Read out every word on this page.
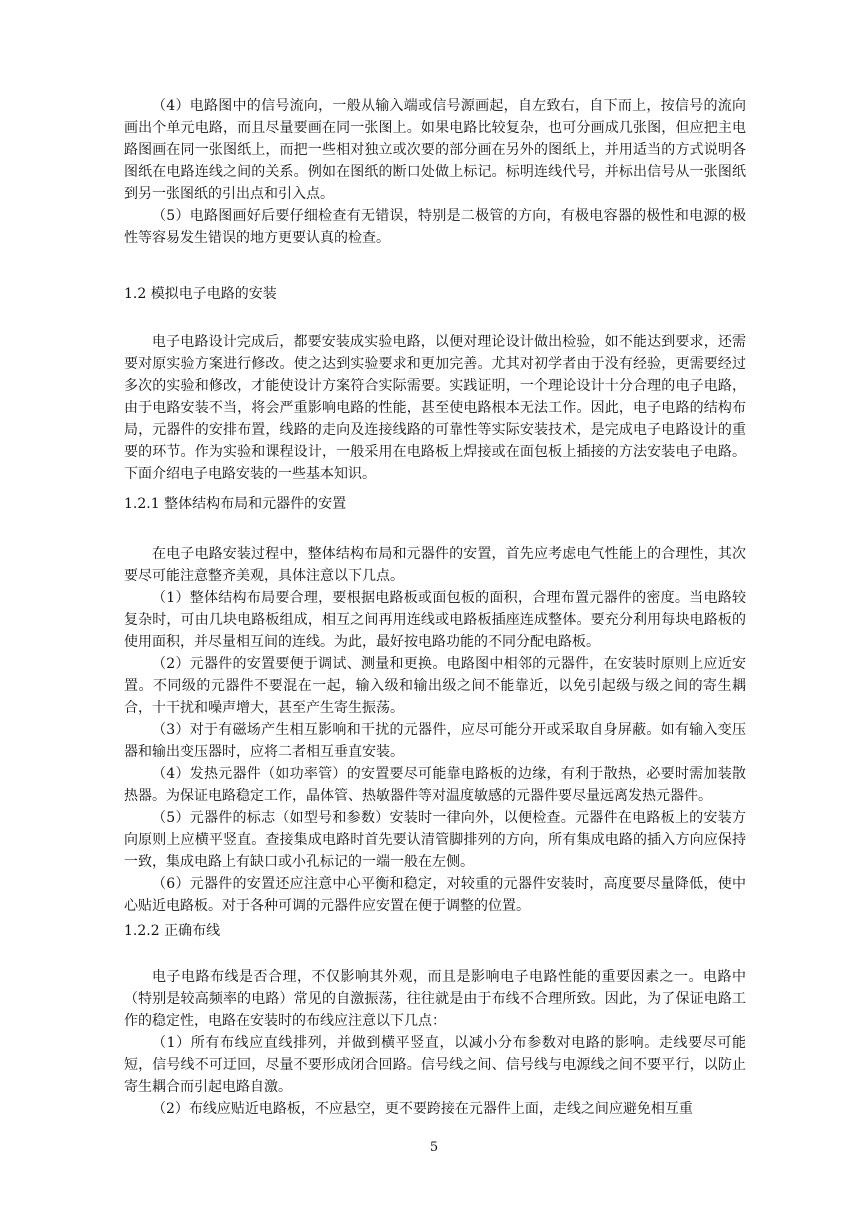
（4）电路图中的信号流向，一般从输入端或信号源画起，自左致右，自下而上，按信号的流向画出个单元电路，而且尽量要画在同一张图上。如果电路比较复杂，也可分画成几张图，但应把主电路图画在同一张图纸上，而把一些相对独立或次要的部分画在另外的图纸上，并用适当的方式说明各图纸在电路连线之间的关系。例如在图纸的断口处做上标记。标明连线代号，并标出信号从一张图纸到另一张图纸的引出点和引入点。

（5）电路图画好后要仔细检查有无错误，特别是二极管的方向，有极电容器的极性和电源的极性等容易发生错误的地方更要认真的检查。

1.2 模拟电子电路的安装

电子电路设计完成后，都要安装成实验电路，以便对理论设计做出检验，如不能达到要求，还需要对原实验方案进行修改。使之达到实验要求和更加完善。尤其对初学者由于没有经验，更需要经过多次的实验和修改，才能使设计方案符合实际需要。实践证明，一个理论设计十分合理的电子电路，由于电路安装不当，将会严重影响电路的性能，甚至使电路根本无法工作。因此，电子电路的结构布局，元器件的安排布置，线路的走向及连接线路的可靠性等实际安装技术，是完成电子电路设计的重要的环节。作为实验和课程设计，一般采用在电路板上焊接或在面包板上插接的方法安装电子电路。下面介绍电子电路安装的一些基本知识。

1.2.1 整体结构布局和元器件的安置

在电子电路安装过程中，整体结构布局和元器件的安置，首先应考虑电气性能上的合理性，其次要尽可能注意整齐美观，具体注意以下几点。

（1）整体结构布局要合理，要根据电路板或面包板的面积，合理布置元器件的密度。当电路较复杂时，可由几块电路板组成，相互之间再用连线或电路板插座连成整体。要充分利用每块电路板的使用面积，并尽量相互间的连线。为此，最好按电路功能的不同分配电路板。

（2）元器件的安置要便于调试、测量和更换。电路图中相邻的元器件，在安装时原则上应近安置。不同级的元器件不要混在一起，输入级和输出级之间不能靠近，以免引起级与级之间的寄生耦合，十干扰和噪声增大，甚至产生寄生振荡。

（3）对于有磁场产生相互影响和干扰的元器件，应尽可能分开或采取自身屏蔽。如有输入变压器和输出变压器时，应将二者相互垂直安装。

（4）发热元器件（如功率管）的安置要尽可能靠电路板的边缘，有利于散热，必要时需加装散热器。为保证电路稳定工作，晶体管、热敏器件等对温度敏感的元器件要尽量远离发热元器件。

（5）元器件的标志（如型号和参数）安装时一律向外，以便检查。元器件在电路板上的安装方向原则上应横平竖直。查接集成电路时首先要认清管脚排列的方向，所有集成电路的插入方向应保持一致，集成电路上有缺口或小孔标记的一端一般在左侧。

（6）元器件的安置还应注意中心平衡和稳定，对较重的元器件安装时，高度要尽量降低，使中心贴近电路板。对于各种可调的元器件应安置在便于调整的位置。

1.2.2 正确布线

电子电路布线是否合理，不仅影响其外观，而且是影响电子电路性能的重要因素之一。电路中（特别是较高频率的电路）常见的自激振荡，往往就是由于布线不合理所致。因此，为了保证电路工作的稳定性，电路在安装时的布线应注意以下几点：

（1）所有布线应直线排列，并做到横平竖直，以减小分布参数对电路的影响。走线要尽可能短，信号线不可迂回，尽量不要形成闭合回路。信号线之间、信号线与电源线之间不要平行，以防止寄生耦合而引起电路自激。

（2）布线应贴近电路板，不应悬空，更不要跨接在元器件上面，走线之间应避免相互重

5
